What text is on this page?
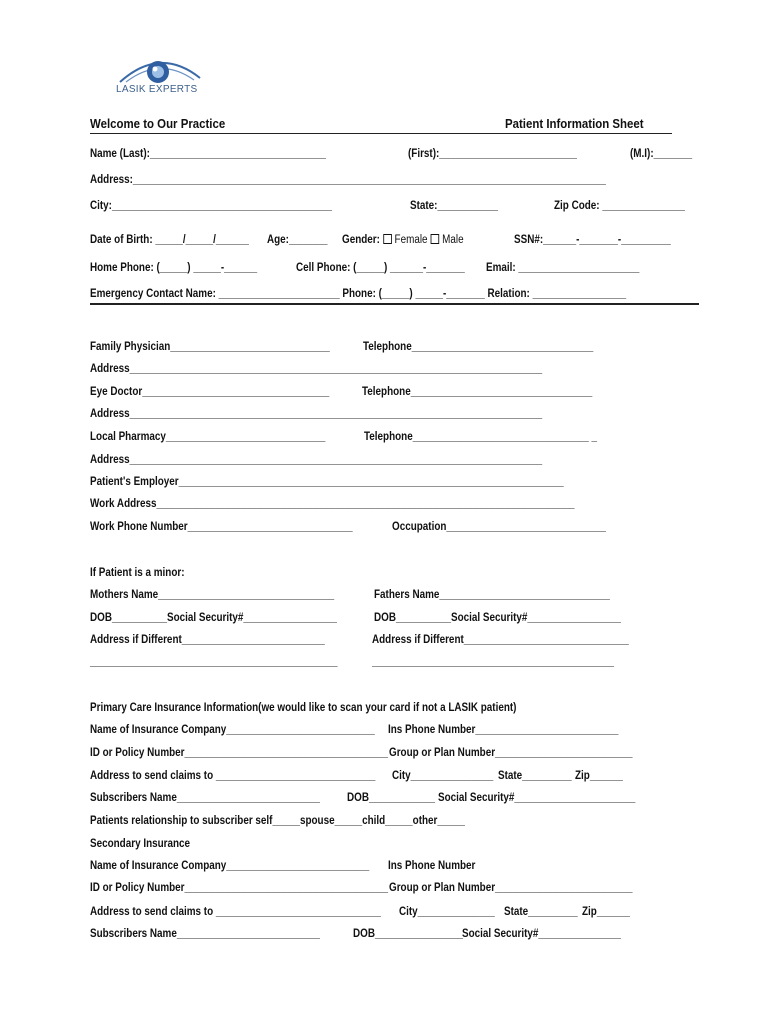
LASIK EXPERTS
Welcome to Our Practice	Patient Information Sheet
Name (Last):________________________________	(First):_________________________	(M.I):_______
Address:______________________________________________________________________________________
City:________________________________________	State:___________	Zip Code: _______________
Date of Birth: _____/_____/______ Age:_______ Gender: Female Male	SSN#:______-_______-_________
Home Phone: (_____) _____-______	Cell Phone: (_____) ______-_______ Email: ______________________
Emergency Contact Name: ______________________ Phone: (_____) _____-_______ Relation: _________________
Family Physician_____________________________	Telephone_________________________________
Address___________________________________________________________________________
Eye Doctor__________________________________	Telephone_________________________________
Address___________________________________________________________________________
Local Pharmacy_____________________________	Telephone________________________________ _
Address___________________________________________________________________________
Patient's Employer______________________________________________________________________
Work Address____________________________________________________________________________
Work Phone Number______________________________	Occupation_____________________________
If Patient is a minor:
Mothers Name________________________________	Fathers Name_______________________________
DOB__________Social Security#_________________	DOB__________Social Security#_________________
Address if Different__________________________	Address if Different______________________________
_____________________________________________	____________________________________________
Primary Care Insurance Information(we would like to scan your card if not a LASIK patient)
Name of Insurance Company___________________________ Ins Phone Number__________________________
ID or Policy Number_____________________________________ Group or Plan Number_________________________
Address to send claims to _____________________________ City_______________ State_________ Zip______
Subscribers Name__________________________ DOB____________ Social Security#______________________
Patients relationship to subscriber self_____spouse_____child_____other_____
Secondary Insurance
Name of Insurance Company__________________________ Ins Phone Number
ID or Policy Number_____________________________________ Group or Plan Number_________________________
Address to send claims to ______________________________ City______________ State_________ Zip______
Subscribers Name__________________________	DOB________________ Social Security#_______________
